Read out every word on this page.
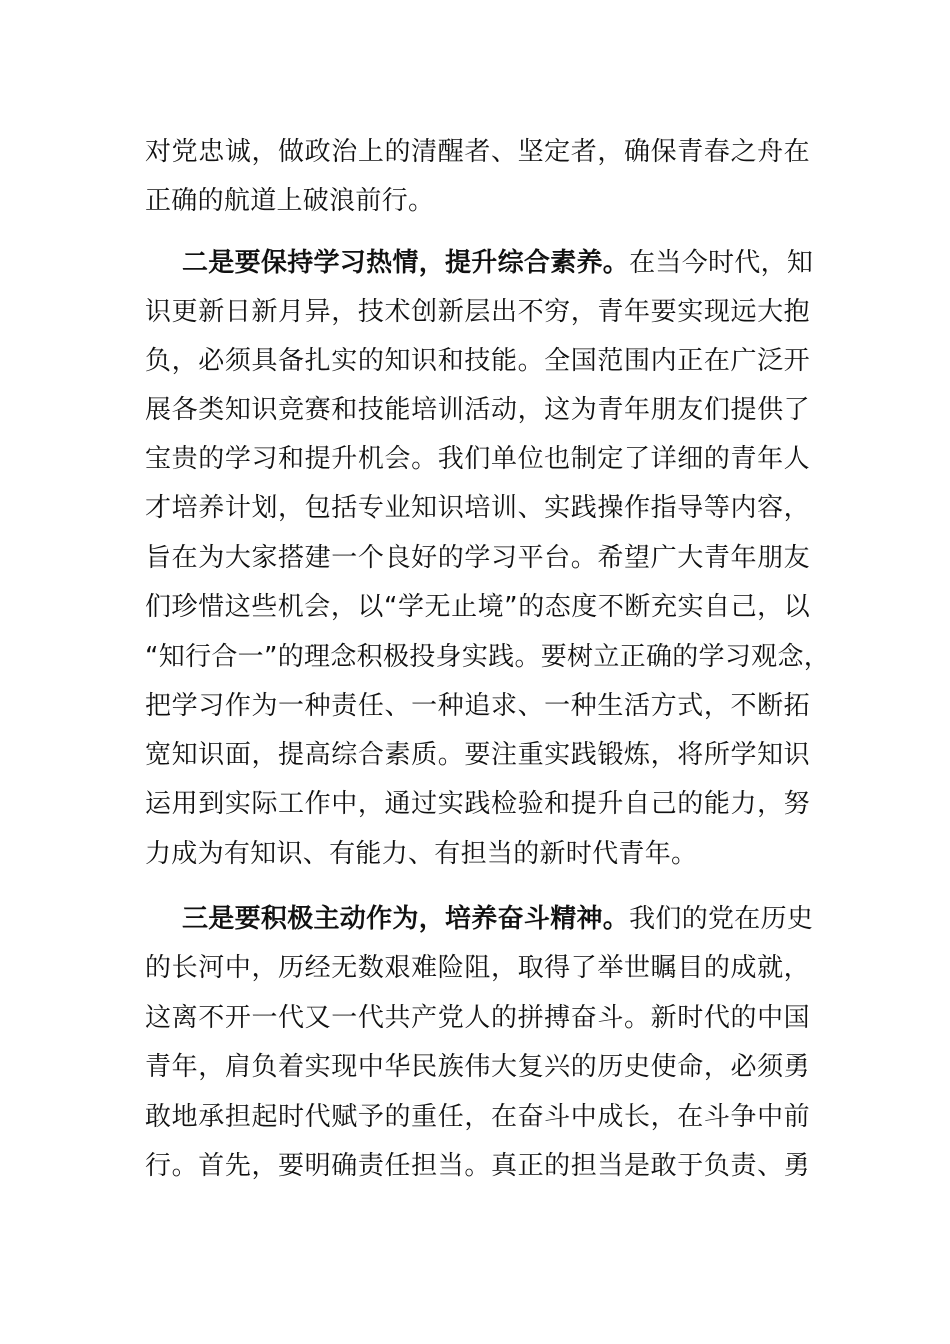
对党忠诚，做政治上的清醒者、坚定者，确保青春之舟在
正确的航道上破浪前行。
二是要保持学习热情，提升综合素养。在当今时代，知
识更新日新月异，技术创新层出不穷，青年要实现远大抱
负，必须具备扎实的知识和技能。全国范围内正在广泛开
展各类知识竞赛和技能培训活动，这为青年朋友们提供了
宝贵的学习和提升机会。我们单位也制定了详细的青年人
才培养计划，包括专业知识培训、实践操作指导等内容，
旨在为大家搭建一个良好的学习平台。希望广大青年朋友
们珍惜这些机会，以“学无止境”的态度不断充实自己，以
“知行合一”的理念积极投身实践。要树立正确的学习观念，
把学习作为一种责任、一种追求、一种生活方式，不断拓
宽知识面，提高综合素质。要注重实践锻炼，将所学知识
运用到实际工作中，通过实践检验和提升自己的能力，努
力成为有知识、有能力、有担当的新时代青年。
三是要积极主动作为，培养奋斗精神。我们的党在历史
的长河中，历经无数艰难险阻，取得了举世瞩目的成就，
这离不开一代又一代共产党人的拼搏奋斗。新时代的中国
青年，肩负着实现中华民族伟大复兴的历史使命，必须勇
敢地承担起时代赋予的重任，在奋斗中成长，在斗争中前
行。首先，要明确责任担当。真正的担当是敢于负责、勇
